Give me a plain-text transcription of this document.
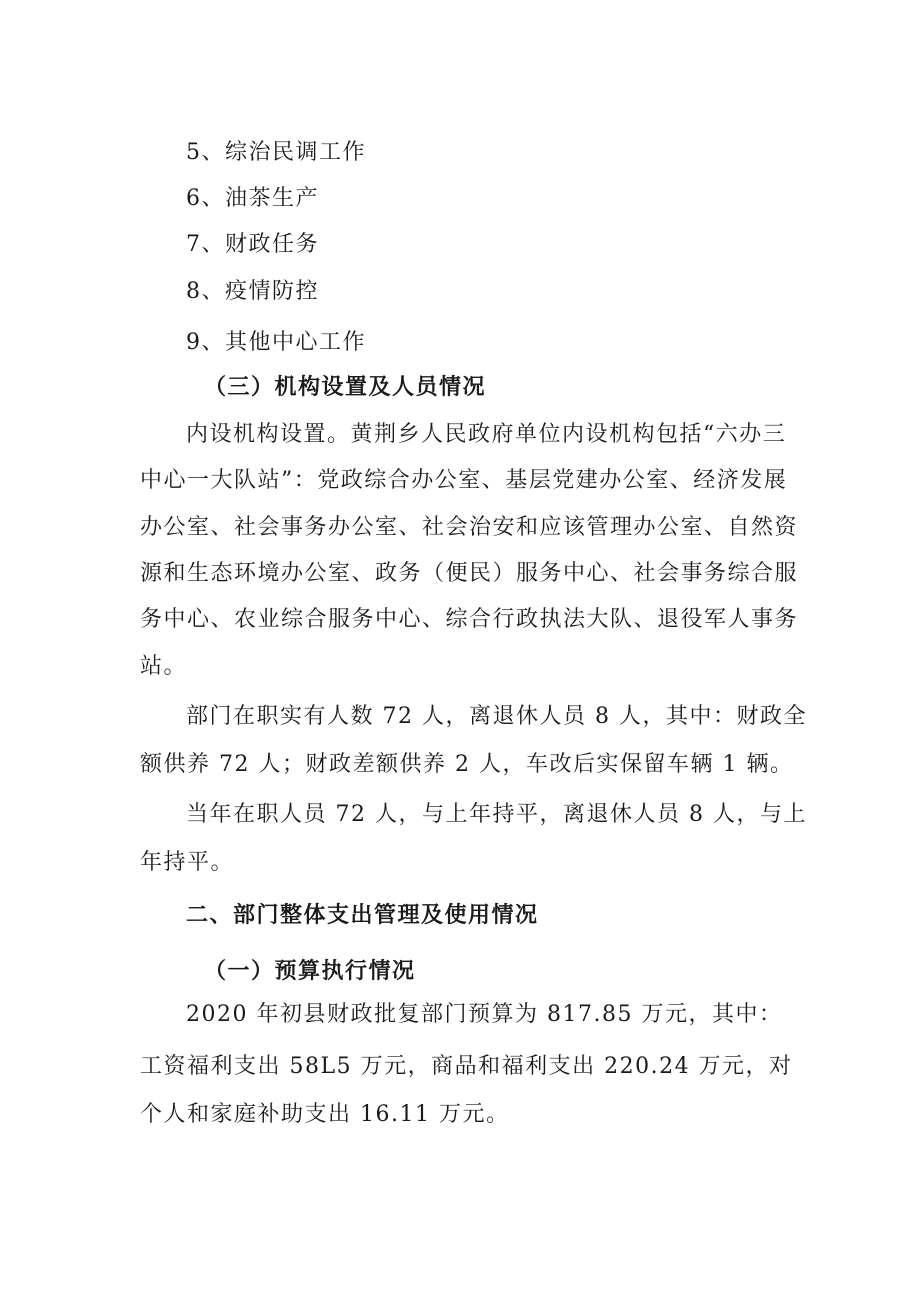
5、综治民调工作
6、油茶生产
7、财政任务
8、疫情防控
9、其他中心工作
（三）机构设置及人员情况
内设机构设置。黄荆乡人民政府单位内设机构包括“六办三
中心一大队站”：党政综合办公室、基层党建办公室、经济发展
办公室、社会事务办公室、社会治安和应该管理办公室、自然资
源和生态环境办公室、政务（便民）服务中心、社会事务综合服
务中心、农业综合服务中心、综合行政执法大队、退役军人事务
站。
部门在职实有人数 72 人，离退休人员 8 人，其中：财政全
额供养 72 人；财政差额供养 2 人，车改后实保留车辆 1 辆。
当年在职人员 72 人，与上年持平，离退休人员 8 人，与上
年持平。
二、部门整体支出管理及使用情况
（一）预算执行情况
2020 年初县财政批复部门预算为 817.85 万元，其中：
工资福利支出 58L5 万元，商品和福利支出 220.24 万元，对
个人和家庭补助支出 16.11 万元。
